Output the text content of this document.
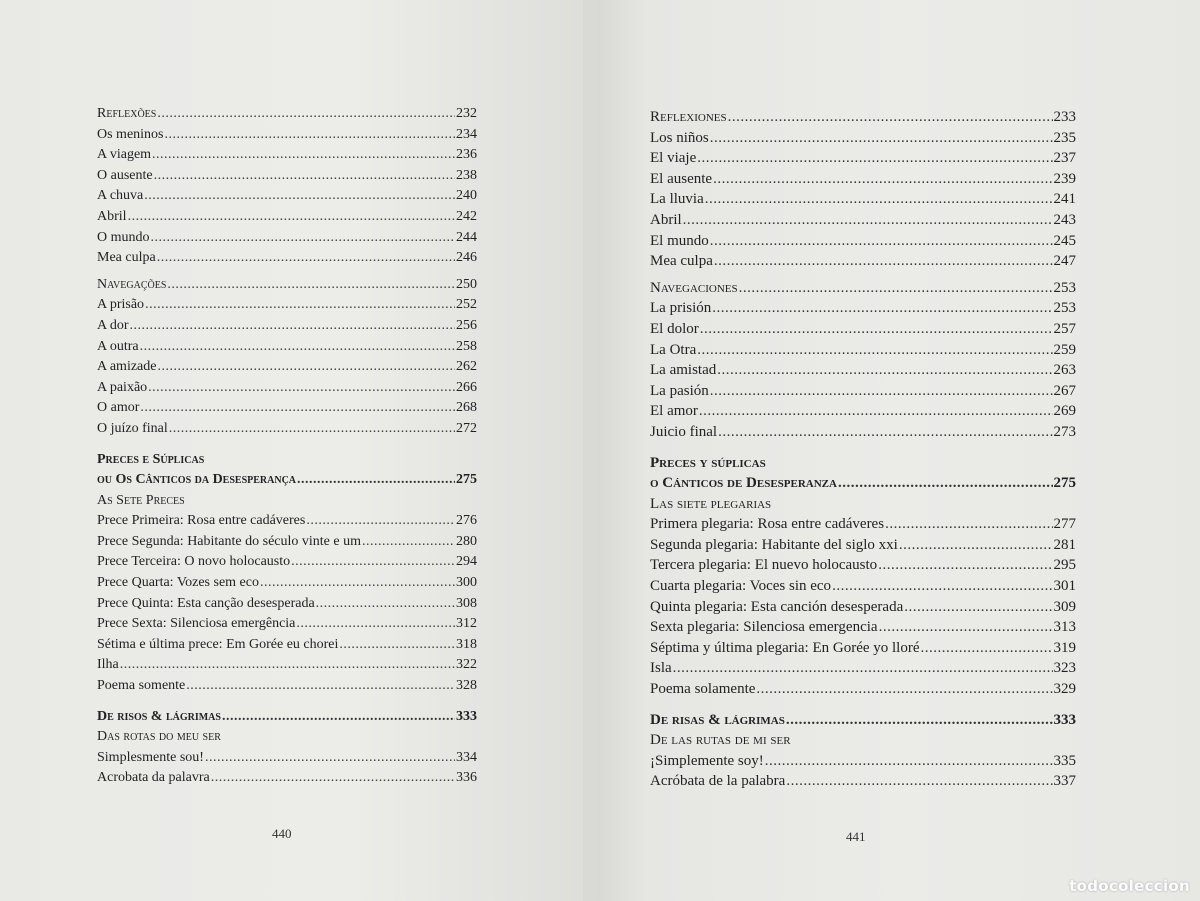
Reflexões .....	232
Os meninos .....	234
A viagem .....	236
O ausente .....	238
A chuva .....	240
Abril .....	242
O mundo .....	244
Mea culpa .....	246
Navegações .....	250
A prisão .....	252
A dor .....	256
A outra .....	258
A amizade .....	262
A paixão .....	266
O amor .....	268
O juízo final .....	272
Preces e Súplicas
ou Os Cânticos da Desesperança .....	275
As Sete Preces
Prece Primeira: Rosa entre cadáveres .....	276
Prece Segunda: Habitante do século vinte e um .....	280
Prece Terceira: O novo holocausto .....	294
Prece Quarta: Vozes sem eco .....	300
Prece Quinta: Esta canção desesperada .....	308
Prece Sexta: Silenciosa emergência .....	312
Sétima e última prece: Em Gorée eu chorei .....	318
Ilha .....	322
Poema somente .....	328
De risos & lágrimas .....	333
Das rotas do meu ser
Simplesmente sou! .....	334
Acrobata da palavra .....	336
Reflexiones .....	233
Los niños .....	235
El viaje .....	237
El ausente .....	239
La lluvia .....	241
Abril .....	243
El mundo .....	245
Mea culpa .....	247
Navegaciones .....	253
La prisión .....	253
El dolor .....	257
La Otra .....	259
La amistad .....	263
La pasión .....	267
El amor .....	269
Juicio final .....	273
Preces y súplicas
o Cánticos de Desesperanza .....	275
Las siete plegarias
Primera plegaria: Rosa entre cadáveres .....	277
Segunda plegaria: Habitante del siglo xxi .....	281
Tercera plegaria: El nuevo holocausto .....	295
Cuarta plegaria: Voces sin eco .....	301
Quinta plegaria: Esta canción desesperada .....	309
Sexta plegaria: Silenciosa emergencia .....	313
Séptima y última plegaria: En Gorée yo lloré .....	319
Isla .....	323
Poema solamente .....	329
De risas & lágrimas .....	333
De las rutas de mi ser
¡Simplemente soy! .....	335
Acróbata de la palabra .....	337
440	441
todocoleccion
